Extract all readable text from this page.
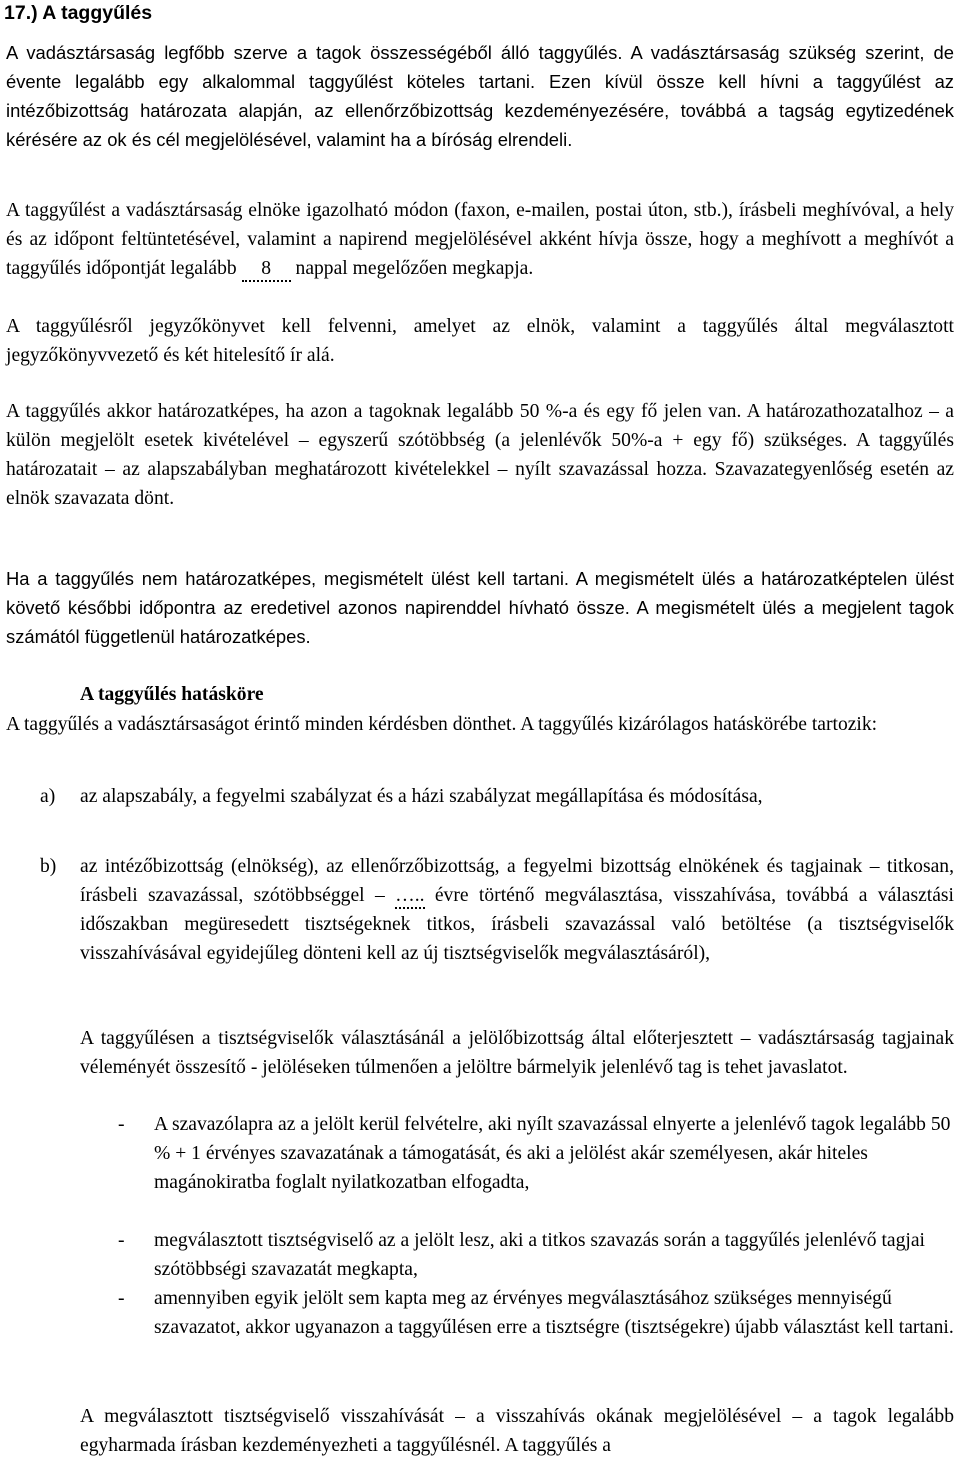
17.) A taggyűlés

A vadásztársaság legfőbb szerve a tagok összességéből álló taggyűlés. A vadásztársaság szükség szerint, de évente legalább egy alkalommal taggyűlést köteles tartani. Ezen kívül össze kell hívni a taggyűlést az intézőbizottság határozata alapján, az ellenőrzőbizottság kezdeményezésére, továbbá a tagság egytizedének kérésére az ok és cél megjelölésével, valamint ha a bíróság elrendeli.

A taggyűlést a vadásztársaság elnöke igazolható módon (faxon, e-mailen, postai úton, stb.), írásbeli meghívóval, a hely és az időpont feltüntetésével, valamint a napirend megjelölésével akként hívja össze, hogy a meghívott a meghívót a taggyűlés időpontját legalább 8 nappal megelőzően megkapja.

A taggyűlésről jegyzőkönyvet kell felvenni, amelyet az elnök, valamint a taggyűlés által megválasztott jegyzőkönyvvezető és két hitelesítő ír alá.

A taggyűlés akkor határozatképes, ha azon a tagoknak legalább 50 %-a és egy fő jelen van. A határozathozatalhoz – a külön megjelölt esetek kivételével – egyszerű szótöbbség (a jelenlévők 50%-a + egy fő) szükséges. A taggyűlés határozatait – az alapszabályban meghatározott kivételekkel – nyílt szavazással hozza. Szavazategyenlőség esetén az elnök szavazata dönt.

Ha a taggyűlés nem határozatképes, megismételt ülést kell tartani. A megismételt ülés a határozatképtelen ülést követő későbbi időpontra az eredetivel azonos napirenddel hívható össze. A megismételt ülés a megjelent tagok számától függetlenül határozatképes.

A taggyűlés hatásköre

A taggyűlés a vadásztársaságot érintő minden kérdésben dönthet. A taggyűlés kizárólagos hatáskörébe tartozik:

a) az alapszabály, a fegyelmi szabályzat és a házi szabályzat megállapítása és módosítása,
b) az intézőbizottság (elnökség), az ellenőrzőbizottság, a fegyelmi bizottság elnökének és tagjainak – titkosan, írásbeli szavazással, szótöbbséggel – ….. évre történő megválasztása, visszahívása, továbbá a választási időszakban megüresedett tisztségeknek titkos, írásbeli szavazással való betöltése (a tisztségviselők visszahívásával egyidejűleg dönteni kell az új tisztségviselők megválasztásáról),

A taggyűlésen a tisztségviselők választásánál a jelölőbizottság által előterjesztett – vadásztársaság tagjainak véleményét összesítő - jelöléseken túlmenően a jelöltre bármelyik jelenlévő tag is tehet javaslatot.

- A szavazólapra az a jelölt kerül felvételre, aki nyílt szavazással elnyerte a jelenlévő tagok legalább 50 % + 1 érvényes szavazatának a támogatását, és aki a jelölést akár személyesen, akár hiteles magánokiratba foglalt nyilatkozatban elfogadta,
- megválasztott tisztségviselő az a jelölt lesz, aki a titkos szavazás során a taggyűlés jelenlévő tagjai szótöbbségi szavazatát megkapta,
- amennyiben egyik jelölt sem kapta meg az érvényes megválasztásához szükséges mennyiségű szavazatot, akkor ugyanazon a taggyűlésen erre a tisztségre (tisztségekre) újabb választást kell tartani.

A megválasztott tisztségviselő visszahívását – a visszahívás okának megjelölésével – a tagok legalább egyharmada írásban kezdeményezheti a taggyűlésnél. A taggyűlés a
